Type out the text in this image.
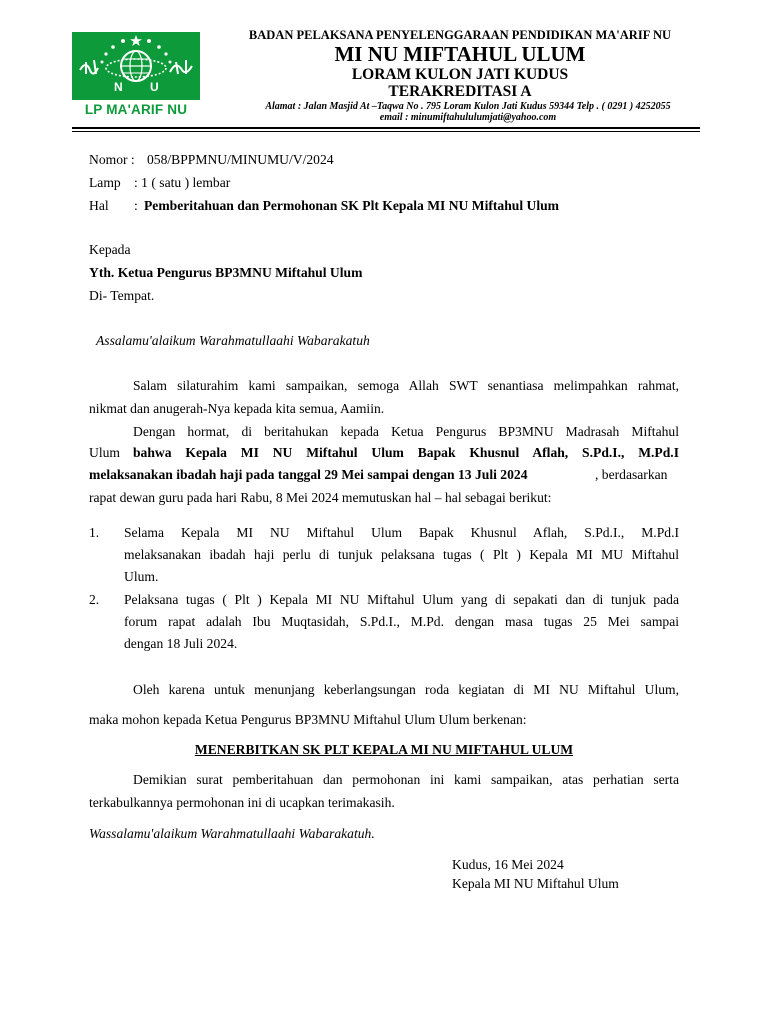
N U
LP MA'ARIF NU
BADAN PELAKSANA PENYELENGGARAAN PENDIDIKAN MA'ARIF NU
MI NU MIFTAHUL ULUM
LORAM KULON JATI KUDUS
TERAKREDITASI A
Alamat : Jalan Masjid At –Taqwa No . 795 Loram Kulon Jati Kudus 59344 Telp . ( 0291 ) 4252055
email : minumiftahululumjati@yahoo.com
Nomor : 058/BPPMNU/MINUMU/V/2024
Lamp : 1 ( satu ) lembar
Hal : Pemberitahuan dan Permohonan SK Plt Kepala MI NU Miftahul Ulum
Kepada
Yth. Ketua Pengurus BP3MNU Miftahul Ulum
Di- Tempat.
Assalamu'alaikum Warahmatullaahi Wabarakatuh
Salam silaturahim kami sampaikan, semoga Allah SWT senantiasa melimpahkan rahmat,
nikmat dan anugerah-Nya kepada kita semua, Aamiin.
Dengan hormat, di beritahukan kepada Ketua Pengurus BP3MNU Madrasah Miftahul
Ulum bahwa Kepala MI NU Miftahul Ulum Bapak Khusnul Aflah, S.Pd.I., M.Pd.I
melaksanakan ibadah haji pada tanggal 29 Mei sampai dengan 13 Juli 2024	, berdasarkan
rapat dewan guru pada hari Rabu, 8 Mei 2024 memutuskan hal – hal sebagai berikut:
1. Selama Kepala MI NU Miftahul Ulum Bapak Khusnul Aflah, S.Pd.I., M.Pd.I
melaksanakan ibadah haji perlu di tunjuk pelaksana tugas ( Plt ) Kepala MI MU Miftahul
Ulum.
2. Pelaksana tugas ( Plt ) Kepala MI NU Miftahul Ulum yang di sepakati dan di tunjuk pada
forum rapat adalah Ibu Muqtasidah, S.Pd.I., M.Pd. dengan masa tugas 25 Mei sampai
dengan 18 Juli 2024.
Oleh karena untuk menunjang keberlangsungan roda kegiatan di MI NU Miftahul Ulum,
maka mohon kepada Ketua Pengurus BP3MNU Miftahul Ulum Ulum berkenan:
MENERBITKAN SK PLT KEPALA MI NU MIFTAHUL ULUM
Demikian surat pemberitahuan dan permohonan ini kami sampaikan, atas perhatian serta
terkabulkannya permohonan ini di ucapkan terimakasih.
Wassalamu'alaikum Warahmatullaahi Wabarakatuh.
Kudus, 16 Mei 2024
Kepala MI NU Miftahul Ulum
